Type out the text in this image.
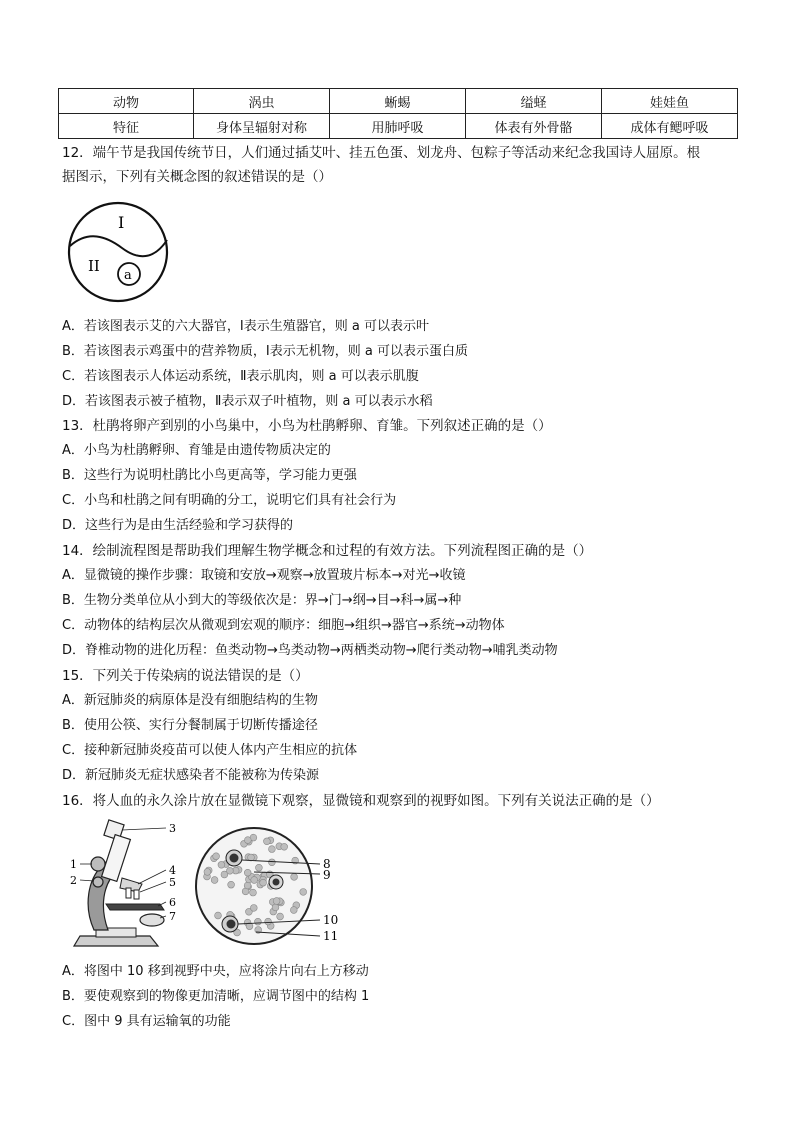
动物	涡虫	蜥蜴	缢蛏	娃娃鱼
特征	身体呈辐射对称	用肺呼吸	体表有外骨骼	成体有鳃呼吸
12．端午节是我国传统节日，人们通过插艾叶、挂五色蛋、划龙舟、包粽子等活动来纪念我国诗人屈原。根
据图示，下列有关概念图的叙述错误的是（）
I
II
a
A．若该图表示艾的六大器官，Ⅰ表示生殖器官，则 a 可以表示叶
B．若该图表示鸡蛋中的营养物质，Ⅰ表示无机物，则 a 可以表示蛋白质
C．若该图表示人体运动系统，Ⅱ表示肌肉，则 a 可以表示肌腹
D．若该图表示被子植物，Ⅱ表示双子叶植物，则 a 可以表示水稻
13．杜鹃将卵产到别的小鸟巢中，小鸟为杜鹃孵卵、育雏。下列叙述正确的是（）
A．小鸟为杜鹃孵卵、育雏是由遗传物质决定的
B．这些行为说明杜鹃比小鸟更高等，学习能力更强
C．小鸟和杜鹃之间有明确的分工，说明它们具有社会行为
D．这些行为是由生活经验和学习获得的
14．绘制流程图是帮助我们理解生物学概念和过程的有效方法。下列流程图正确的是（）
A．显微镜的操作步骤：取镜和安放→观察→放置玻片标本→对光→收镜
B．生物分类单位从小到大的等级依次是：界→门→纲→目→科→属→种
C．动物体的结构层次从微观到宏观的顺序：细胞→组织→器官→系统→动物体
D．脊椎动物的进化历程：鱼类动物→鸟类动物→两栖类动物→爬行类动物→哺乳类动物
15．下列关于传染病的说法错误的是（）
A．新冠肺炎的病原体是没有细胞结构的生物
B．使用公筷、实行分餐制属于切断传播途径
C．接种新冠肺炎疫苗可以使人体内产生相应的抗体
D．新冠肺炎无症状感染者不能被称为传染源
16．将人血的永久涂片放在显微镜下观察，显微镜和观察到的视野如图。下列有关说法正确的是（）
1
2
3
4
5
6
7
8
9
10
11
A．将图中 10 移到视野中央，应将涂片向右上方移动
B．要使观察到的物像更加清晰，应调节图中的结构 1
C．图中 9 具有运输氧的功能
